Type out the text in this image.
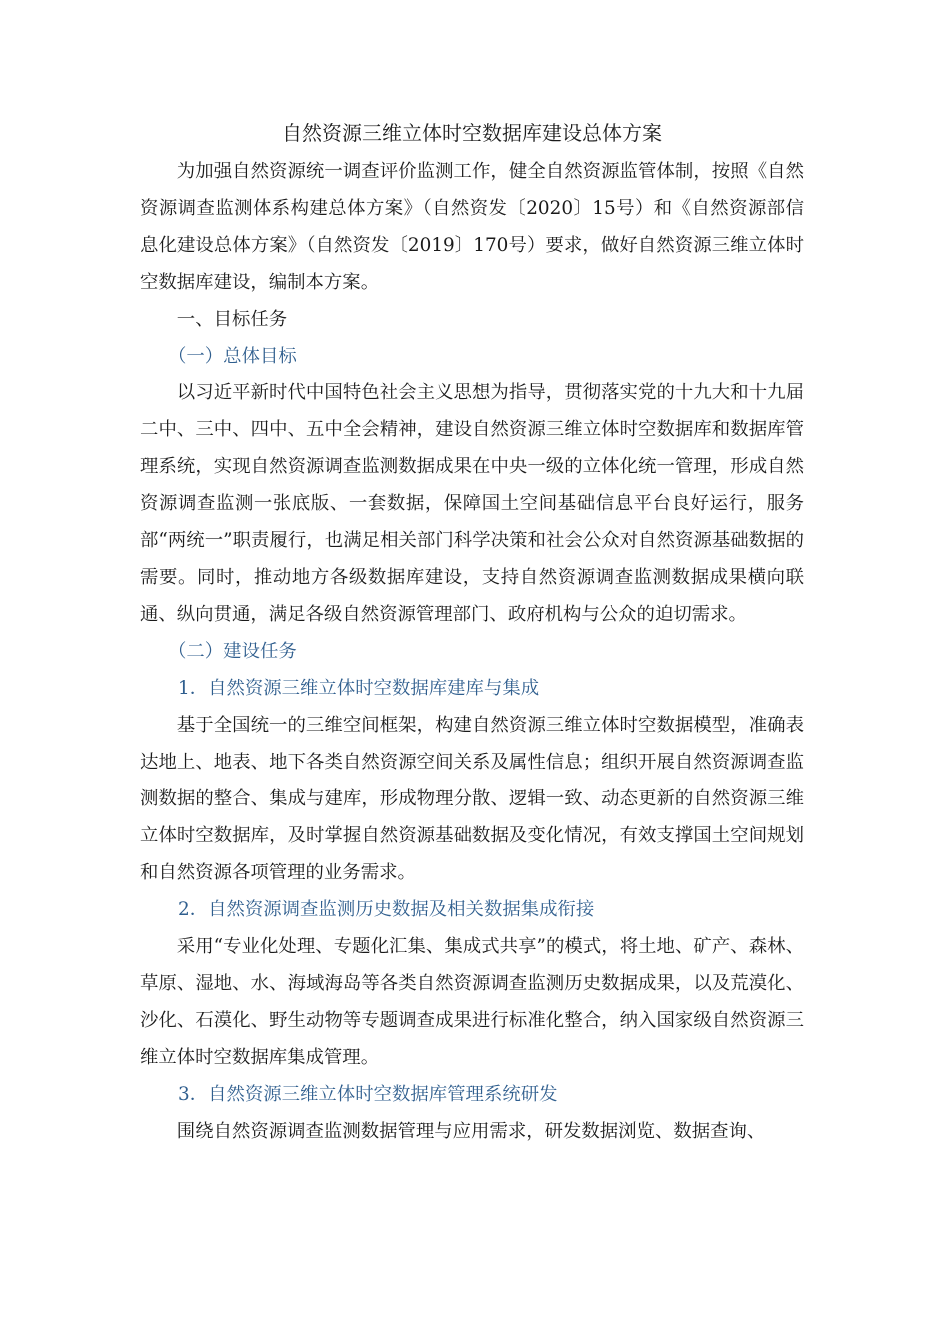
自然资源三维立体时空数据库建设总体方案

为加强自然资源统一调查评价监测工作，健全自然资源监管体制，按照《自然资源调查监测体系构建总体方案》（自然资发〔2020〕15号）和《自然资源部信息化建设总体方案》（自然资发〔2019〕170号）要求，做好自然资源三维立体时空数据库建设，编制本方案。

一、目标任务

（一）总体目标

以习近平新时代中国特色社会主义思想为指导，贯彻落实党的十九大和十九届二中、三中、四中、五中全会精神，建设自然资源三维立体时空数据库和数据库管理系统，实现自然资源调查监测数据成果在中央一级的立体化统一管理，形成自然资源调查监测一张底版、一套数据，保障国土空间基础信息平台良好运行，服务部“两统一”职责履行，也满足相关部门科学决策和社会公众对自然资源基础数据的需要。同时，推动地方各级数据库建设，支持自然资源调查监测数据成果横向联通、纵向贯通，满足各级自然资源管理部门、政府机构与公众的迫切需求。

（二）建设任务

1．自然资源三维立体时空数据库建库与集成

基于全国统一的三维空间框架，构建自然资源三维立体时空数据模型，准确表达地上、地表、地下各类自然资源空间关系及属性信息；组织开展自然资源调查监测数据的整合、集成与建库，形成物理分散、逻辑一致、动态更新的自然资源三维立体时空数据库，及时掌握自然资源基础数据及变化情况，有效支撑国土空间规划和自然资源各项管理的业务需求。

2．自然资源调查监测历史数据及相关数据集成衔接

采用“专业化处理、专题化汇集、集成式共享”的模式，将土地、矿产、森林、草原、湿地、水、海域海岛等各类自然资源调查监测历史数据成果，以及荒漠化、沙化、石漠化、野生动物等专题调查成果进行标准化整合，纳入国家级自然资源三维立体时空数据库集成管理。

3．自然资源三维立体时空数据库管理系统研发

围绕自然资源调查监测数据管理与应用需求，研发数据浏览、数据查询、
